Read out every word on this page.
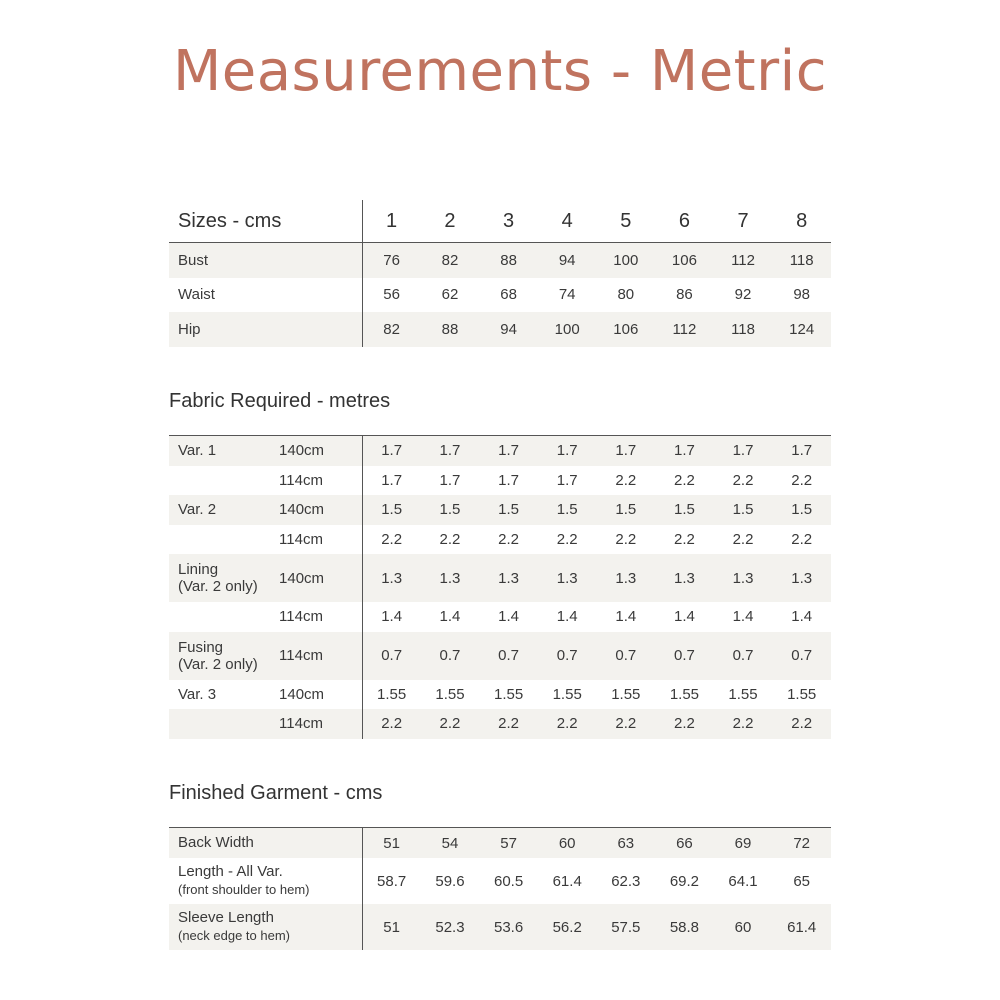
Measurements - Metric
Sizes - cms	1	2	3	4	5	6	7	8
Bust	76	82	88	94	100	106	112	118
Waist	56	62	68	74	80	86	92	98
Hip	82	88	94	100	106	112	118	124
Fabric Required - metres
Var. 1	140cm	1.7	1.7	1.7	1.7	1.7	1.7	1.7	1.7
	114cm	1.7	1.7	1.7	1.7	2.2	2.2	2.2	2.2

Var. 2	140cm	1.5	1.5	1.5	1.5	1.5	1.5	1.5	1.5
	114cm	2.2	2.2	2.2	2.2	2.2	2.2	2.2	2.2

Lining
(Var. 2 only)	140cm	1.3	1.3	1.3	1.3	1.3	1.3	1.3	1.3
	114cm	1.4	1.4	1.4	1.4	1.4	1.4	1.4	1.4

Fusing
(Var. 2 only)	114cm	0.7	0.7	0.7	0.7	0.7	0.7	0.7	0.7

Var. 3	140cm	1.55	1.55	1.55	1.55	1.55	1.55	1.55	1.55
	114cm	2.2	2.2	2.2	2.2	2.2	2.2	2.2	2.2
Finished Garment - cms
Back Width	51	54	57	60	63	66	69	72

Length - All Var.
(front shoulder to hem)	58.7	59.6	60.5	61.4	62.3	69.2	64.1	65

Sleeve Length
(neck edge to hem)	51	52.3	53.6	56.2	57.5	58.8	60	61.4
